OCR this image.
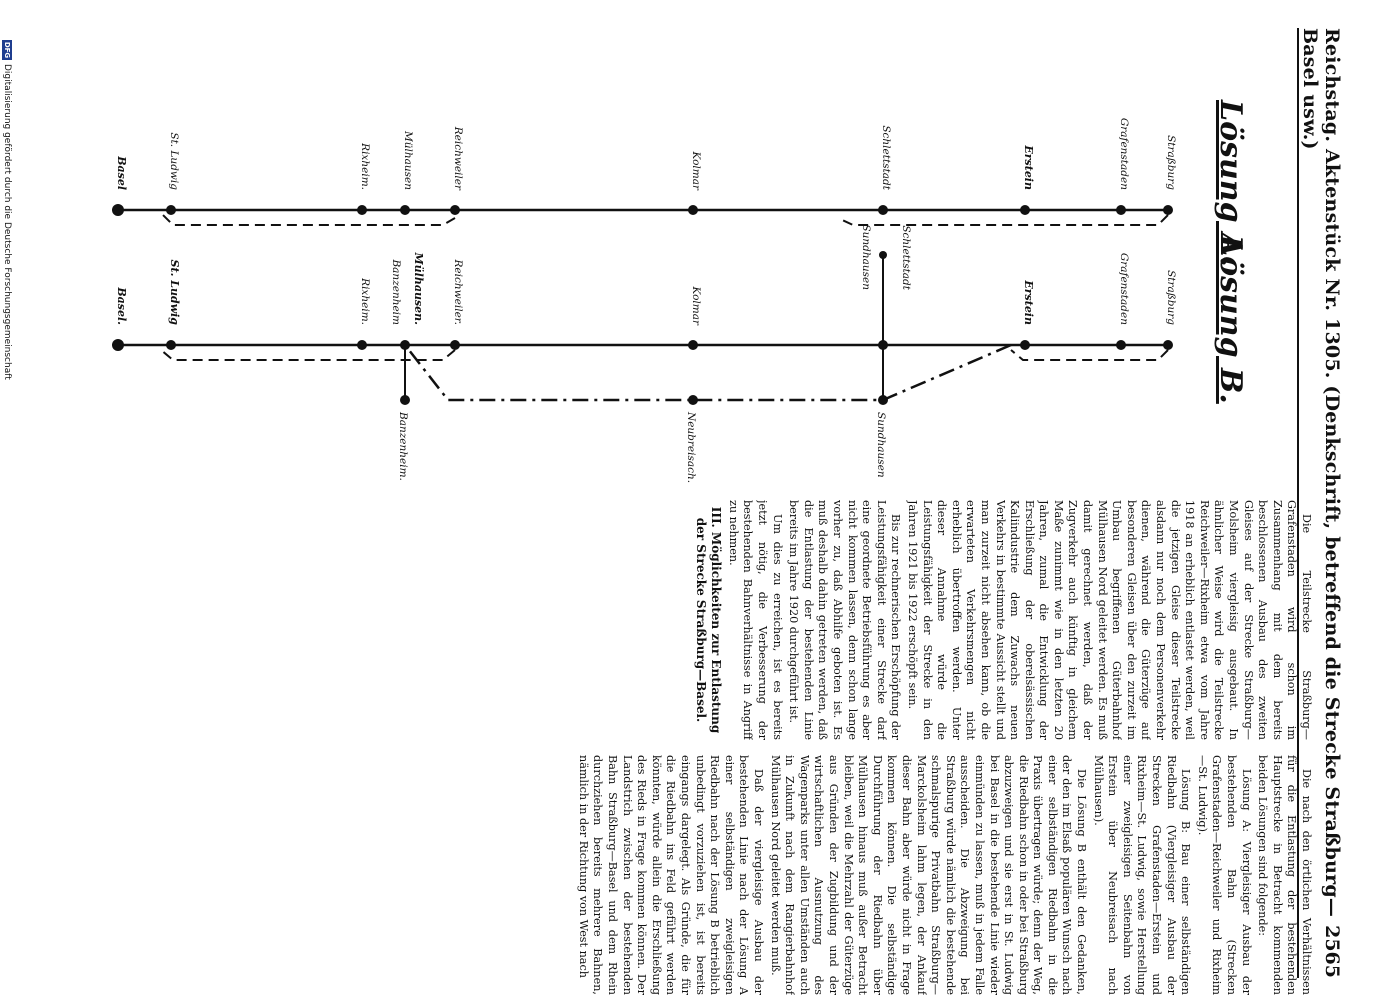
Reichstag. Aktenstück Nr. 1305. (Denkschrift, betreffend die Strecke Straßburg—Basel usw.)
2565
Lösung A.
Lösung B.
Straßburg
Grafenstaden
Erstein
Schlettstadt
Kolmar
Reichweiler
Mülhausen
Rixheim.
St. Ludwig
Basel
Straßburg
Grafenstaden
Erstein
Schlettstadt
Sundhausen
Kolmar
Reichweiler.
Mülhausen.
Banzenheim
Rixheim.
St. Ludwig
Basel.
Sundhausen
Neubreisach.
Banzenheim.

Die Teilstrecke Straßburg—Grafenstaden wird schon im Zusammenhang mit dem bereits beschlossenen Ausbau des zweiten Gleises auf der Strecke Straßburg—Molsheim viergleisig ausgebaut. In ähnlicher Weise wird die Teilstrecke Reichweiler—Rixheim etwa vom Jahre 1918 an erheblich entlastet werden, weil die jetzigen Gleise dieser Teilstrecke alsdann nur noch dem Personenverkehr dienen, während die Güterzüge auf besonderen Gleisen über den zurzeit im Umbau begriffenen Güterbahnhof Mülhausen Nord geleitet werden. Es muß damit gerechnet werden, daß der Zugverkehr auch künftig in gleichem Maße zunimmt wie in den letzten 20 Jahren, zumal die Entwicklung der Erschließung der oberelsässischen Kaliindustrie dem Zuwachs neuen Verkehrs in bestimmte Aussicht stellt und man zurzeit nicht absehen kann, ob die erwarteten Verkehrsmengen nicht erheblich übertroffen werden. Unter dieser Annahme würde die Leistungsfähigkeit der Strecke in den Jahren 1921 bis 1922 erschöpft sein.

Bis zur rechnerischen Erschöpfung der Leistungsfähigkeit einer Strecke darf eine geordnete Betriebsführung es aber nicht kommen lassen, denn schon lange vorher zu, daß Abhilfe geboten ist. Es muß deshalb dahin getreten werden, daß die Entlastung der bestehenden Linie bereits im Jahre 1920 durchgeführt ist.

Um dies zu erreichen, ist es bereits jetzt nötig, die Verbesserung der bestehenden Bahnverhältnisse in Angriff zu nehmen.

III. Möglichkeiten zur Entlastung der Strecke Straßburg—Basel.

Die nach den örtlichen Verhältnissen für die Entlastung der bestehenden Hauptstrecke in Betracht kommenden beiden Lösungen sind folgende:

Lösung A: Viergleisiger Ausbau der bestehenden Bahn (Strecken Grafenstaden—Reichweiler und Rixheim—St. Ludwig).

Lösung B: Bau einer selbständigen Riedbahn (Viergleisiger Ausbau der Strecken Grafenstaden—Erstein und Rixheim—St. Ludwig, sowie Herstellung einer zweigleisigen Seitenbahn von Erstein über Neubreisach nach Mülhausen).

Die Lösung B enthält den Gedanken, der den im Elsaß populären Wunsch nach einer selbständigen Riedbahn in die Praxis übertragen würde; denn der Weg, die Riedbahn schon in oder bei Straßburg abzuzweigen und sie erst in St. Ludwig bei Basel in die bestehende Linie wieder einmünden zu lassen, muß in jedem Falle ausscheiden. Die Abzweigung bei Straßburg würde nämlich die bestehende schmalspurige Privatbahn Straßburg—Marckolsheim lahm legen, der Ankauf dieser Bahn aber würde nicht in Frage kommen können. Die selbständige Durchführung der Riedbahn über Mülhausen hinaus muß außer Betracht bleiben, weil die Mehrzahl der Güterzüge aus Gründen der Zugbildung und der wirtschaftlichen Ausnutzung des Wagenparks unter allen Umständen auch in Zukunft nach dem Rangierbahnhof Mülhausen Nord geleitet werden muß.

Daß der viergleisige Ausbau der bestehenden Linie nach der Lösung A einer selbständigen zweigleisigen Riedbahn nach der Lösung B betrieblich unbedingt vorzuziehen ist, ist bereits eingangs dargelegt. Als Gründe, die für die Riedbahn ins Feld geführt werden könnten, würde allein die Erschließung des Rieds in Frage kommen können. Der Landstrich zwischen der bestehenden Bahn Straßburg—Basel und dem Rhein durchziehen bereits mehrere Bahnen, nämlich in der Richtung von West nach

DFG
Digitalisierung gefördert durch die Deutsche Forschungsgemeinschaft
